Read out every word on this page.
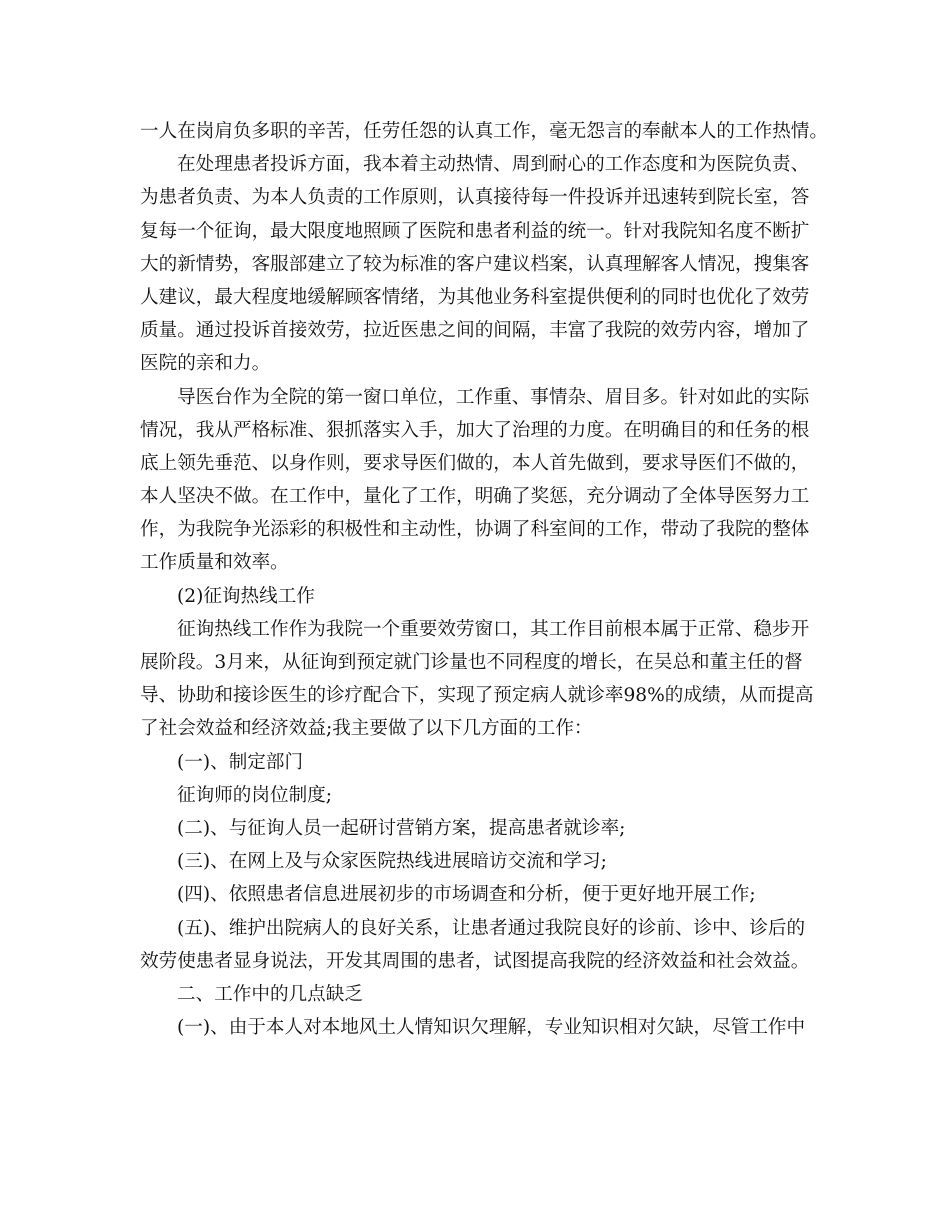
一人在岗肩负多职的辛苦，任劳任怨的认真工作，毫无怨言的奉献本人的工作热情。
在处理患者投诉方面，我本着主动热情、周到耐心的工作态度和为医院负责、
为患者负责、为本人负责的工作原则，认真接待每一件投诉并迅速转到院长室，答
复每一个征询，最大限度地照顾了医院和患者利益的统一。针对我院知名度不断扩
大的新情势，客服部建立了较为标准的客户建议档案，认真理解客人情况，搜集客
人建议，最大程度地缓解顾客情绪，为其他业务科室提供便利的同时也优化了效劳
质量。通过投诉首接效劳，拉近医患之间的间隔，丰富了我院的效劳内容，增加了
医院的亲和力。
导医台作为全院的第一窗口单位，工作重、事情杂、眉目多。针对如此的实际
情况，我从严格标准、狠抓落实入手，加大了治理的力度。在明确目的和任务的根
底上领先垂范、以身作则，要求导医们做的，本人首先做到，要求导医们不做的，
本人坚决不做。在工作中，量化了工作，明确了奖惩，充分调动了全体导医努力工
作，为我院争光添彩的积极性和主动性，协调了科室间的工作，带动了我院的整体
工作质量和效率。
(2)征询热线工作
征询热线工作作为我院一个重要效劳窗口，其工作目前根本属于正常、稳步开
展阶段。3月来，从征询到预定就门诊量也不同程度的增长，在吴总和董主任的督
导、协助和接诊医生的诊疗配合下，实现了预定病人就诊率98%的成绩，从而提高
了社会效益和经济效益;我主要做了以下几方面的工作：
(一)、制定部门
征询师的岗位制度;
(二)、与征询人员一起研讨营销方案，提高患者就诊率;
(三)、在网上及与众家医院热线进展暗访交流和学习;
(四)、依照患者信息进展初步的市场调查和分析，便于更好地开展工作;
(五)、维护出院病人的良好关系，让患者通过我院良好的诊前、诊中、诊后的
效劳使患者显身说法，开发其周围的患者，试图提高我院的经济效益和社会效益。
二、工作中的几点缺乏
(一)、由于本人对本地风土人情知识欠理解，专业知识相对欠缺，尽管工作中
